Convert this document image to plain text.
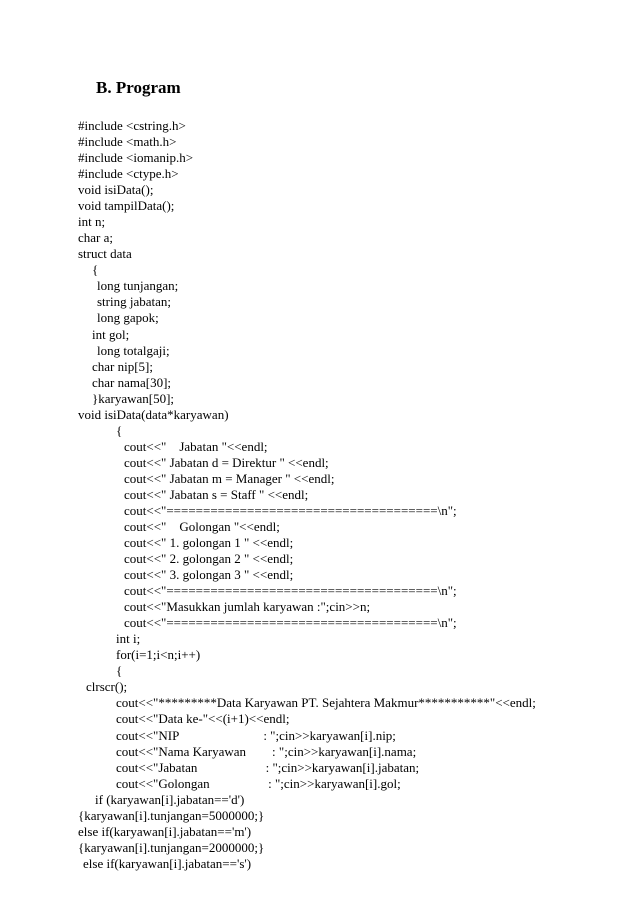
B. Program
#include <cstring.h>
#include <math.h>
#include <iomanip.h>
#include <ctype.h>
void isiData();
void tampilData();
int n;
char a;
struct data
{
long tunjangan;
string jabatan;
long gapok;
int gol;
long totalgaji;
char nip[5];
char nama[30];
}karyawan[50];
void isiData(data*karyawan)
{
cout<<"    Jabatan "<<endl;
cout<<" Jabatan d = Direktur " <<endl;
cout<<" Jabatan m = Manager " <<endl;
cout<<" Jabatan s = Staff " <<endl;
cout<<"=====================================\n";
cout<<"    Golongan "<<endl;
cout<<" 1. golongan 1 " <<endl;
cout<<" 2. golongan 2 " <<endl;
cout<<" 3. golongan 3 " <<endl;
cout<<"=====================================\n";
cout<<"Masukkan jumlah karyawan :";cin>>n;
cout<<"=====================================\n";
int i;
for(i=1;i<n;i++)
{
clrscr();
cout<<"*********Data Karyawan PT. Sejahtera Makmur***********"<<endl;
cout<<"Data ke-"<<(i+1)<<endl;
cout<<"NIP                          : ";cin>>karyawan[i].nip;
cout<<"Nama Karyawan        : ";cin>>karyawan[i].nama;
cout<<"Jabatan                     : ";cin>>karyawan[i].jabatan;
cout<<"Golongan                  : ";cin>>karyawan[i].gol;
if (karyawan[i].jabatan=='d')
{karyawan[i].tunjangan=5000000;}
else if(karyawan[i].jabatan=='m')
{karyawan[i].tunjangan=2000000;}
else if(karyawan[i].jabatan=='s')
